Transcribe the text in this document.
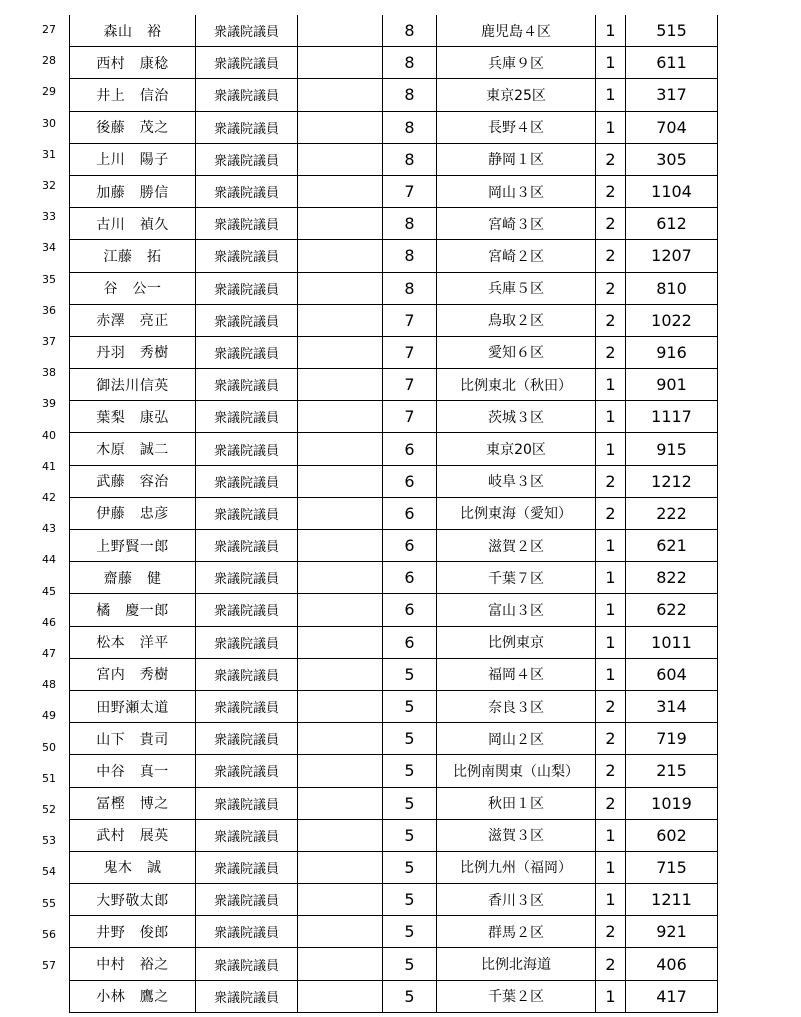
27
28
29
30
31
32
33
34
35
36
37
38
39
40
41
42
43
44
45
46
47
48
49
50
51
52
53
54
55
56
57
森山　裕	衆議院議員		8	鹿児島４区	1	515
西村　康稔	衆議院議員		8	兵庫９区	1	611
井上　信治	衆議院議員		8	東京25区	1	317
後藤　茂之	衆議院議員		8	長野４区	1	704
上川　陽子	衆議院議員		8	静岡１区	2	305
加藤　勝信	衆議院議員		7	岡山３区	2	1104
古川　禎久	衆議院議員		8	宮崎３区	2	612
江藤　拓	衆議院議員		8	宮崎２区	2	1207
谷　公一	衆議院議員		8	兵庫５区	2	810
赤澤　亮正	衆議院議員		7	鳥取２区	2	1022
丹羽　秀樹	衆議院議員		7	愛知６区	2	916
御法川信英	衆議院議員		7	比例東北（秋田）	1	901
葉梨　康弘	衆議院議員		7	茨城３区	1	1117
木原　誠二	衆議院議員		6	東京20区	1	915
武藤　容治	衆議院議員		6	岐阜３区	2	1212
伊藤　忠彦	衆議院議員		6	比例東海（愛知）	2	222
上野賢一郎	衆議院議員		6	滋賀２区	1	621
齋藤　健	衆議院議員		6	千葉７区	1	822
橘　慶一郎	衆議院議員		6	富山３区	1	622
松本　洋平	衆議院議員		6	比例東京	1	1011
宮内　秀樹	衆議院議員		5	福岡４区	1	604
田野瀬太道	衆議院議員		5	奈良３区	2	314
山下　貴司	衆議院議員		5	岡山２区	2	719
中谷　真一	衆議院議員		5	比例南関東（山梨）	2	215
冨樫　博之	衆議院議員		5	秋田１区	2	1019
武村　展英	衆議院議員		5	滋賀３区	1	602
鬼木　誠	衆議院議員		5	比例九州（福岡）	1	715
大野敬太郎	衆議院議員		5	香川３区	1	1211
井野　俊郎	衆議院議員		5	群馬２区	2	921
中村　裕之	衆議院議員		5	比例北海道	2	406
小林　鷹之	衆議院議員		5	千葉２区	1	417
